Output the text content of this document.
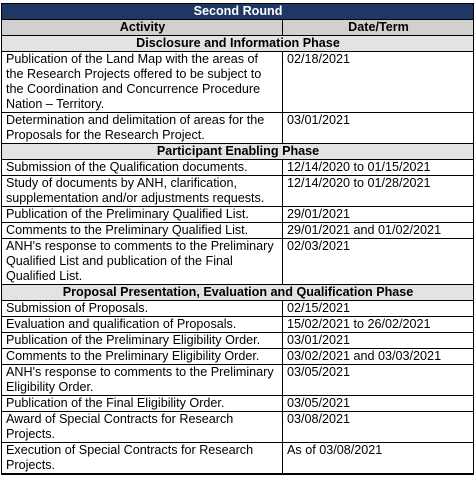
Second Round	
Activity	Date/Term
Disclosure and Information Phase	
Publication of the Land Map with the areas of the Research Projects offered to be subject to the Coordination and Concurrence Procedure Nation – Territory.	02/18/2021
Determination and delimitation of areas for the Proposals for the Research Project.	03/01/2021
Participant Enabling Phase	
Submission of the Qualification documents.	12/14/2020 to 01/15/2021
Study of documents by ANH, clarification, supplementation and/or adjustments requests.	12/14/2020 to 01/28/2021
Publication of the Preliminary Qualified List.	29/01/2021
Comments to the Preliminary Qualified List.	29/01/2021 and 01/02/2021
ANH's response to comments to the Preliminary Qualified List and publication of the Final Qualified List.	02/03/2021
Proposal Presentation, Evaluation and Qualification Phase	
Submission of Proposals.	02/15/2021
Evaluation and qualification of Proposals.	15/02/2021 to 26/02/2021
Publication of the Preliminary Eligibility Order.	03/01/2021
Comments to the Preliminary Eligibility Order.	03/02/2021 and 03/03/2021
ANH's response to comments to the Preliminary Eligibility Order.	03/05/2021
Publication of the Final Eligibility Order.	03/05/2021
Award of Special Contracts for Research Projects.	03/08/2021
Execution of Special Contracts for Research Projects.	As of 03/08/2021
